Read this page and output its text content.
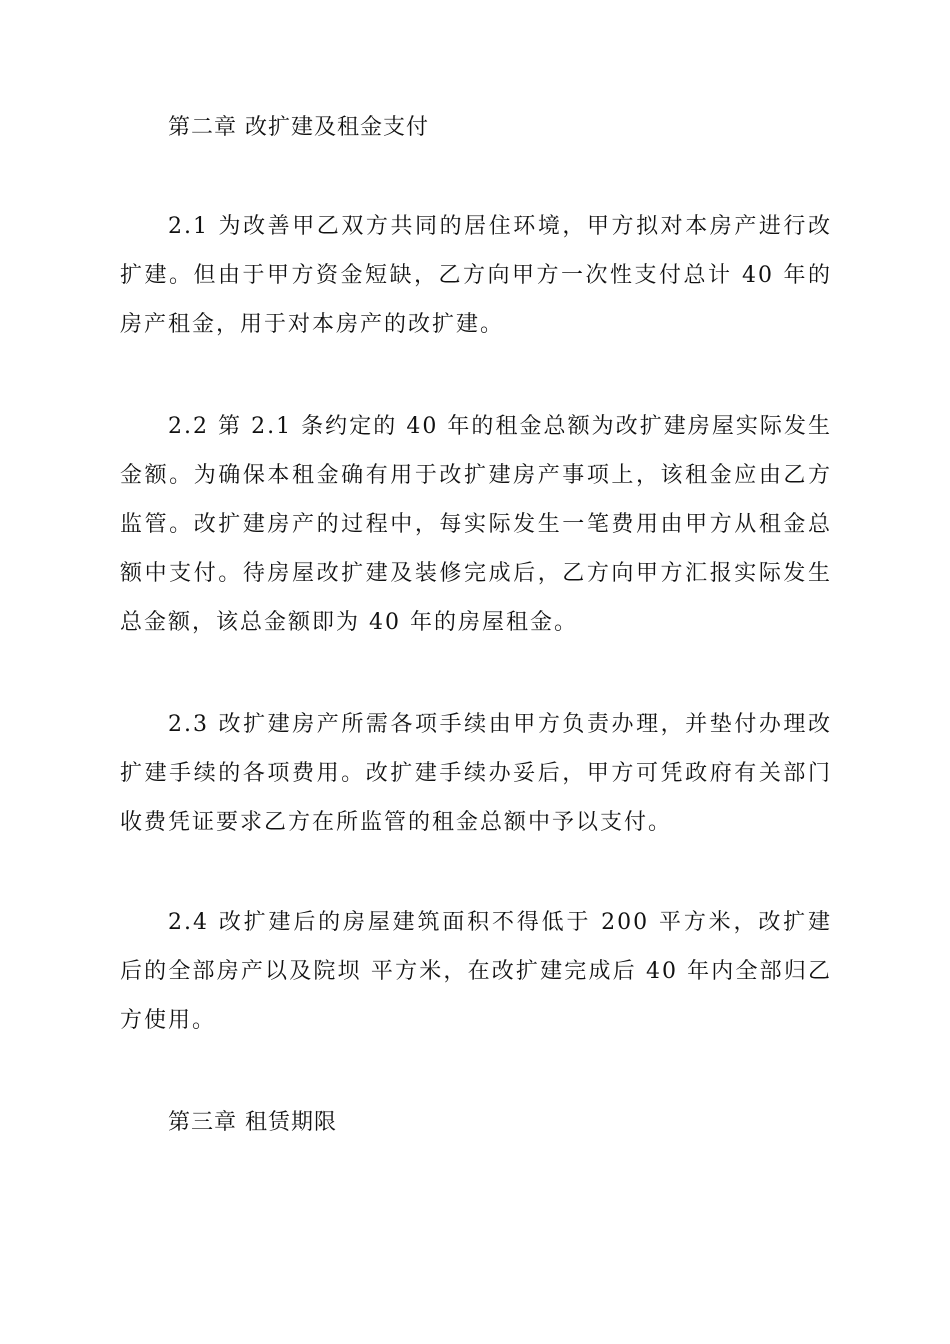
第二章 改扩建及租金支付

2.1 为改善甲乙双方共同的居住环境，甲方拟对本房产进行改扩建。但由于甲方资金短缺，乙方向甲方一次性支付总计 40 年的房产租金，用于对本房产的改扩建。

2.2 第 2.1 条约定的 40 年的租金总额为改扩建房屋实际发生金额。为确保本租金确有用于改扩建房产事项上，该租金应由乙方监管。改扩建房产的过程中，每实际发生一笔费用由甲方从租金总额中支付。待房屋改扩建及装修完成后，乙方向甲方汇报实际发生总金额，该总金额即为 40 年的房屋租金。

2.3 改扩建房产所需各项手续由甲方负责办理，并垫付办理改扩建手续的各项费用。改扩建手续办妥后，甲方可凭政府有关部门收费凭证要求乙方在所监管的租金总额中予以支付。

2.4 改扩建后的房屋建筑面积不得低于 200 平方米，改扩建后的全部房产以及院坝 平方米，在改扩建完成后 40 年内全部归乙方使用。

第三章 租赁期限
